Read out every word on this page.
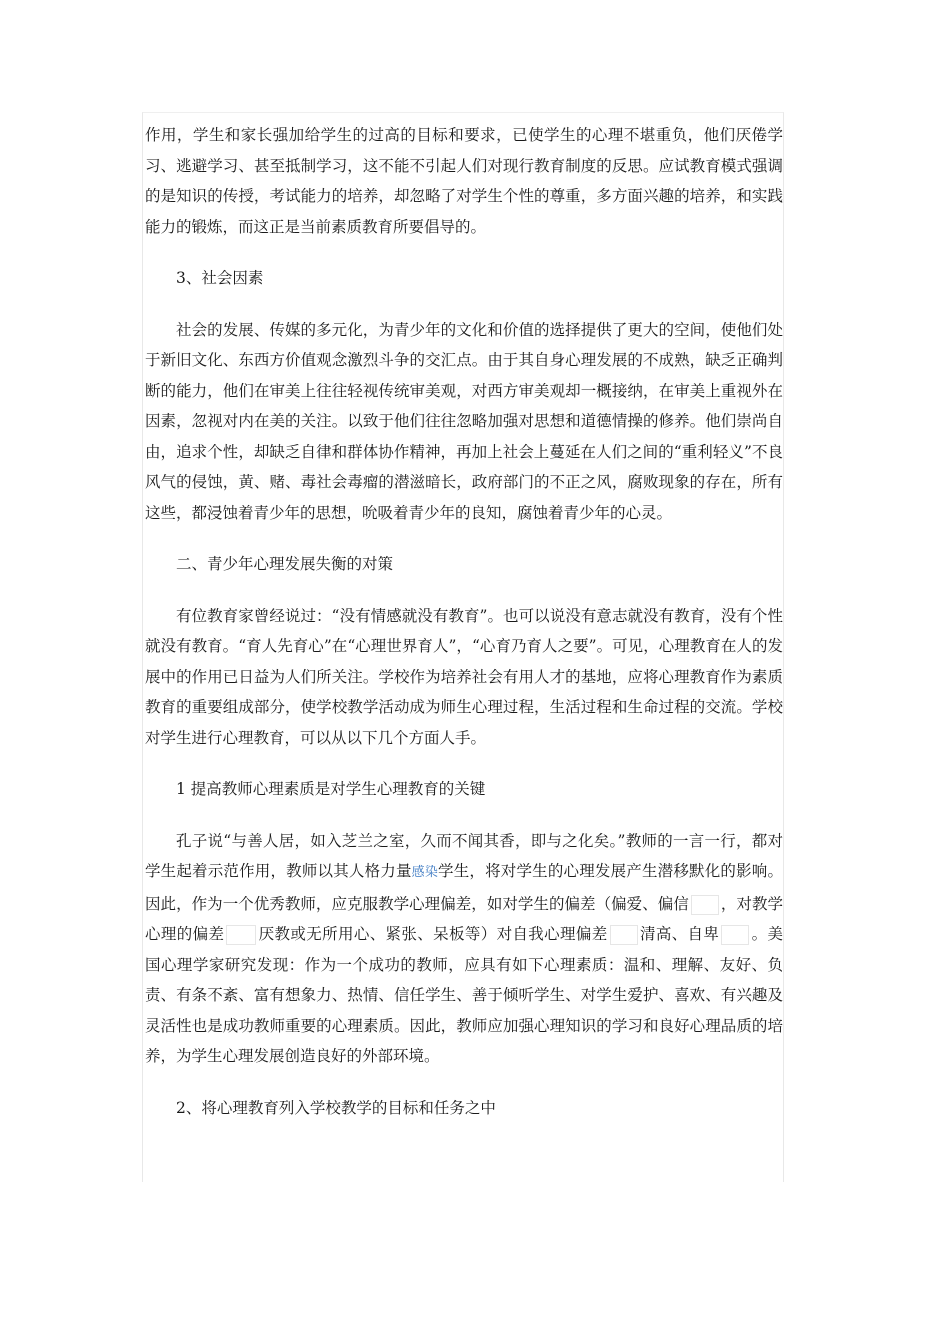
作用，学生和家长强加给学生的过高的目标和要求，已使学生的心理不堪重负，他们厌倦学习、逃避学习、甚至抵制学习，这不能不引起人们对现行教育制度的反思。应试教育模式强调的是知识的传授，考试能力的培养，却忽略了对学生个性的尊重，多方面兴趣的培养，和实践能力的锻炼，而这正是当前素质教育所要倡导的。

3、社会因素

社会的发展、传媒的多元化，为青少年的文化和价值的选择提供了更大的空间，使他们处于新旧文化、东西方价值观念激烈斗争的交汇点。由于其自身心理发展的不成熟，缺乏正确判断的能力，他们在审美上往往轻视传统审美观，对西方审美观却一概接纳，在审美上重视外在因素，忽视对内在美的关注。以致于他们往往忽略加强对思想和道德情操的修养。他们崇尚自由，追求个性，却缺乏自律和群体协作精神，再加上社会上蔓延在人们之间的“重利轻义”不良风气的侵蚀，黄、赌、毒社会毒瘤的潜滋暗长，政府部门的不正之风，腐败现象的存在，所有这些，都浸蚀着青少年的思想，吮吸着青少年的良知，腐蚀着青少年的心灵。

二、青少年心理发展失衡的对策

有位教育家曾经说过：“没有情感就没有教育”。也可以说没有意志就没有教育，没有个性就没有教育。“育人先育心”在“心理世界育人”，“心育乃育人之要”。可见，心理教育在人的发展中的作用已日益为人们所关注。学校作为培养社会有用人才的基地，应将心理教育作为素质教育的重要组成部分，使学校教学活动成为师生心理过程，生活过程和生命过程的交流。学校对学生进行心理教育，可以从以下几个方面人手。

1 提高教师心理素质是对学生心理教育的关键

孔子说“与善人居，如入芝兰之室，久而不闻其香，即与之化矣。”教师的一言一行，都对学生起着示范作用，教师以其人格力量感染学生，将对学生的心理发展产生潜移默化的影响。因此，作为一个优秀教师，应克服教学心理偏差，如对学生的偏差（偏爱、偏信 ，对教学心理的偏差 厌教或无所用心、紧张、呆板等）对自我心理偏差 清高、自卑 。美国心理学家研究发现：作为一个成功的教师，应具有如下心理素质：温和、理解、友好、负责、有条不紊、富有想象力、热情、信任学生、善于倾听学生、对学生爱护、喜欢、有兴趣及灵活性也是成功教师重要的心理素质。因此，教师应加强心理知识的学习和良好心理品质的培养，为学生心理发展创造良好的外部环境。

2、将心理教育列入学校教学的目标和任务之中
